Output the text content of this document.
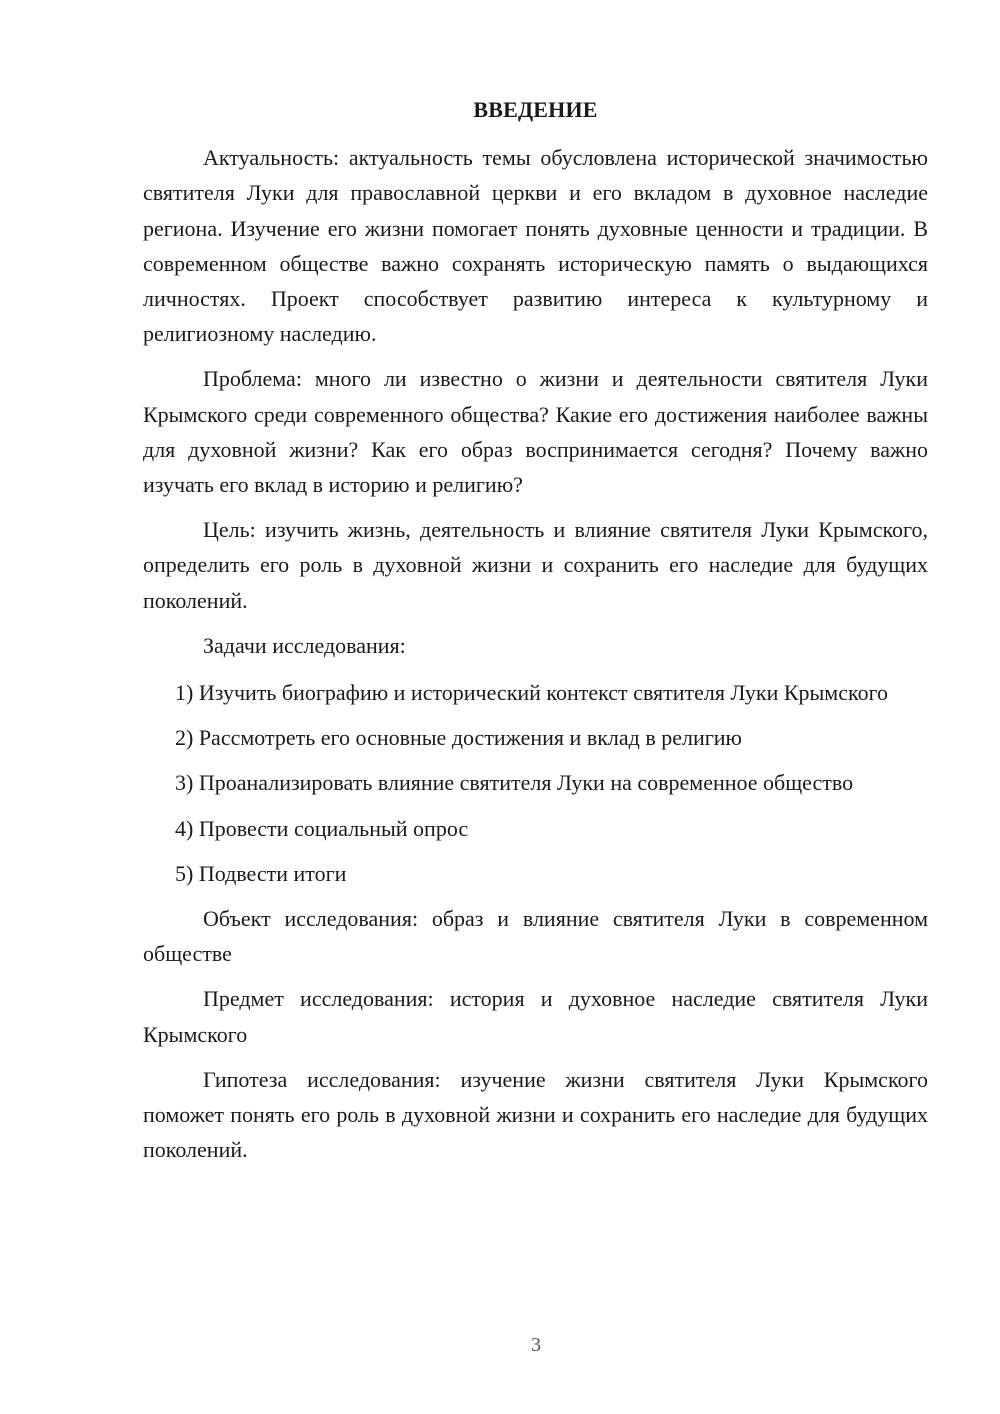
ВВЕДЕНИЕ

Актуальность: актуальность темы обусловлена исторической значимостью святителя Луки для православной церкви и его вкладом в духовное наследие региона. Изучение его жизни помогает понять духовные ценности и традиции. В современном обществе важно сохранять историческую память о выдающихся личностях. Проект способствует развитию интереса к культурному и религиозному наследию.

Проблема: много ли известно о жизни и деятельности святителя Луки Крымского среди современного общества? Какие его достижения наиболее важны для духовной жизни? Как его образ воспринимается сегодня? Почему важно изучать его вклад в историю и религию?

Цель: изучить жизнь, деятельность и влияние святителя Луки Крымского, определить его роль в духовной жизни и сохранить его наследие для будущих поколений.

Задачи исследования:

1) Изучить биографию и исторический контекст святителя Луки Крымского

2) Рассмотреть его основные достижения и вклад в религию

3) Проанализировать влияние святителя Луки на современное общество

4) Провести социальный опрос

5) Подвести итоги

Объект исследования: образ и влияние святителя Луки в современном обществе

Предмет исследования: история и духовное наследие святителя Луки Крымского

Гипотеза исследования: изучение жизни святителя Луки Крымского поможет понять его роль в духовной жизни и сохранить его наследие для будущих поколений.

3
